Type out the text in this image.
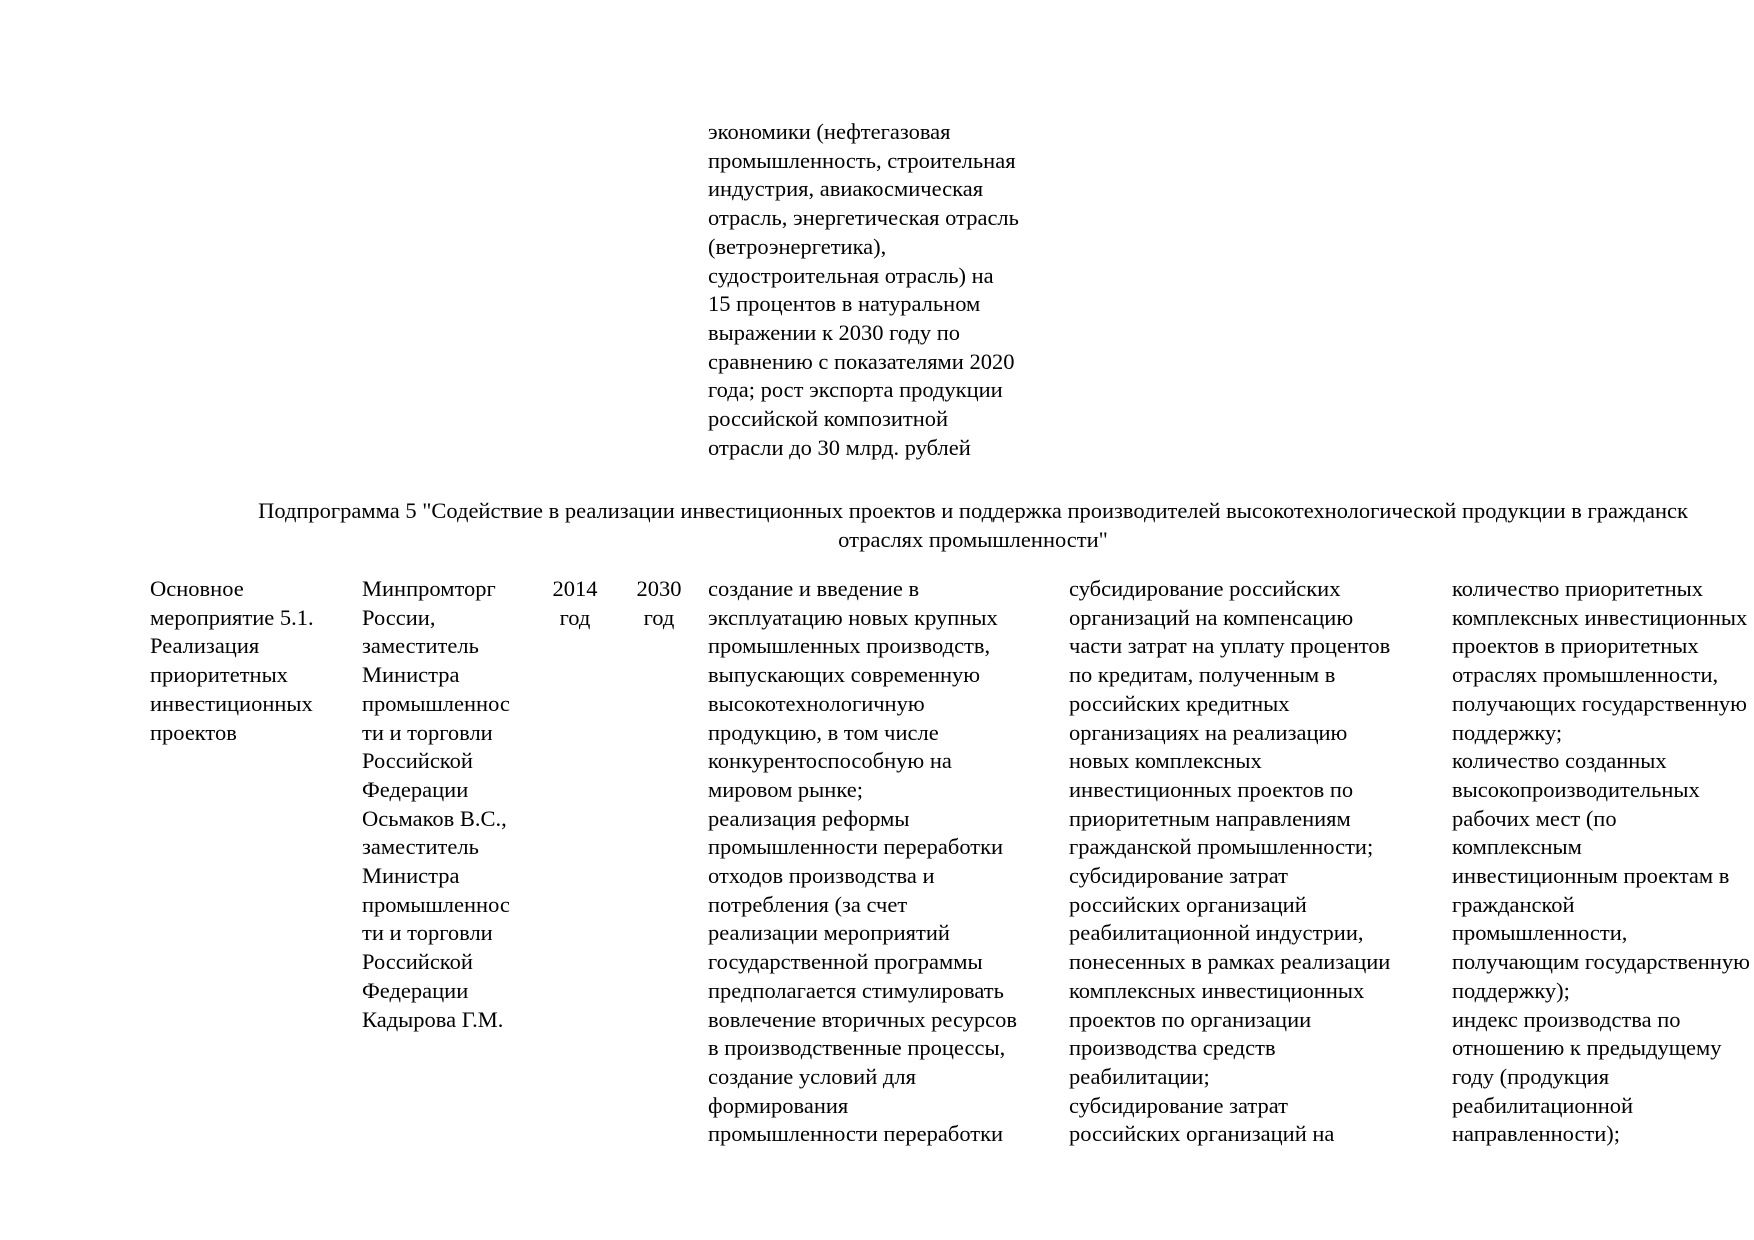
экономики (нефтегазовая
промышленность, строительная
индустрия, авиакосмическая
отрасль, энергетическая отрасль
(ветроэнергетика),
судостроительная отрасль) на
15 процентов в натуральном
выражении к 2030 году по
сравнению с показателями 2020
года; рост экспорта продукции
российской композитной
отрасли до 30 млрд. рублей
Подпрограмма 5 "Содействие в реализации инвестиционных проектов и поддержка производителей высокотехнологической продукции в гражданск
отраслях промышленности"
Основное
мероприятие 5.1.
Реализация
приоритетных
инвестиционных
проектов
Минпромторг
России,
заместитель
Министра
промышленнос
ти и торговли
Российской
Федерации
Осьмаков В.С.,
заместитель
Министра
промышленнос
ти и торговли
Российской
Федерации
Кадырова Г.М.
2014
год
2030
год
создание и введение в
эксплуатацию новых крупных
промышленных производств,
выпускающих современную
высокотехнологичную
продукцию, в том числе
конкурентоспособную на
мировом рынке;
реализация реформы
промышленности переработки
отходов производства и
потребления (за счет
реализации мероприятий
государственной программы
предполагается стимулировать
вовлечение вторичных ресурсов
в производственные процессы,
создание условий для
формирования
промышленности переработки
субсидирование российских
организаций на компенсацию
части затрат на уплату процентов
по кредитам, полученным в
российских кредитных
организациях на реализацию
новых комплексных
инвестиционных проектов по
приоритетным направлениям
гражданской промышленности;
субсидирование затрат
российских организаций
реабилитационной индустрии,
понесенных в рамках реализации
комплексных инвестиционных
проектов по организации
производства средств
реабилитации;
субсидирование затрат
российских организаций на
количество приоритетных
комплексных инвестиционных
проектов в приоритетных
отраслях промышленности,
получающих государственную
поддержку;
количество созданных
высокопроизводительных
рабочих мест (по
комплексным
инвестиционным проектам в
гражданской
промышленности,
получающим государственную
поддержку);
индекс производства по
отношению к предыдущему
году (продукция
реабилитационной
направленности);
